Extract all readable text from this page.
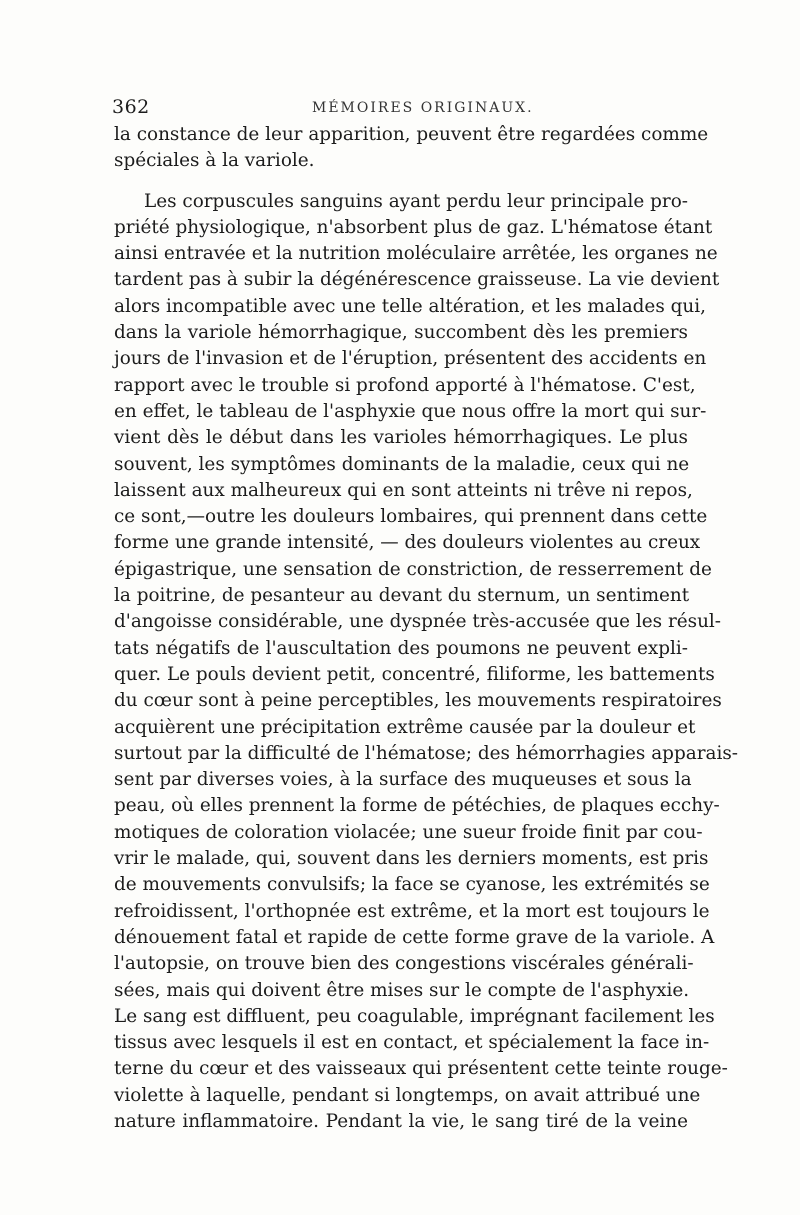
362	MÉMOIRES ORIGINAUX.
la constance de leur apparition, peuvent être regardées comme
spéciales à la variole.
Les corpuscules sanguins ayant perdu leur principale pro-
priété physiologique, n'absorbent plus de gaz. L'hématose étant
ainsi entravée et la nutrition moléculaire arrêtée, les organes ne
tardent pas à subir la dégénérescence graisseuse. La vie devient
alors incompatible avec une telle altération, et les malades qui,
dans la variole hémorrhagique, succombent dès les premiers
jours de l'invasion et de l'éruption, présentent des accidents en
rapport avec le trouble si profond apporté à l'hématose. C'est,
en effet, le tableau de l'asphyxie que nous offre la mort qui sur-
vient dès le début dans les varioles hémorrhagiques. Le plus
souvent, les symptômes dominants de la maladie, ceux qui ne
laissent aux malheureux qui en sont atteints ni trêve ni repos,
ce sont,—outre les douleurs lombaires, qui prennent dans cette
forme une grande intensité, — des douleurs violentes au creux
épigastrique, une sensation de constriction, de resserrement de
la poitrine, de pesanteur au devant du sternum, un sentiment
d'angoisse considérable, une dyspnée très-accusée que les résul-
tats négatifs de l'auscultation des poumons ne peuvent expli-
quer. Le pouls devient petit, concentré, filiforme, les battements
du cœur sont à peine perceptibles, les mouvements respiratoires
acquièrent une précipitation extrême causée par la douleur et
surtout par la difficulté de l'hématose; des hémorrhagies apparais-
sent par diverses voies, à la surface des muqueuses et sous la
peau, où elles prennent la forme de pétéchies, de plaques ecchy-
motiques de coloration violacée; une sueur froide finit par cou-
vrir le malade, qui, souvent dans les derniers moments, est pris
de mouvements convulsifs; la face se cyanose, les extrémités se
refroidissent, l'orthopnée est extrême, et la mort est toujours le
dénouement fatal et rapide de cette forme grave de la variole. A
l'autopsie, on trouve bien des congestions viscérales générali-
sées, mais qui doivent être mises sur le compte de l'asphyxie.
Le sang est diffluent, peu coagulable, imprégnant facilement les
tissus avec lesquels il est en contact, et spécialement la face in-
terne du cœur et des vaisseaux qui présentent cette teinte rouge-
violette à laquelle, pendant si longtemps, on avait attribué une
nature inflammatoire. Pendant la vie, le sang tiré de la veine
